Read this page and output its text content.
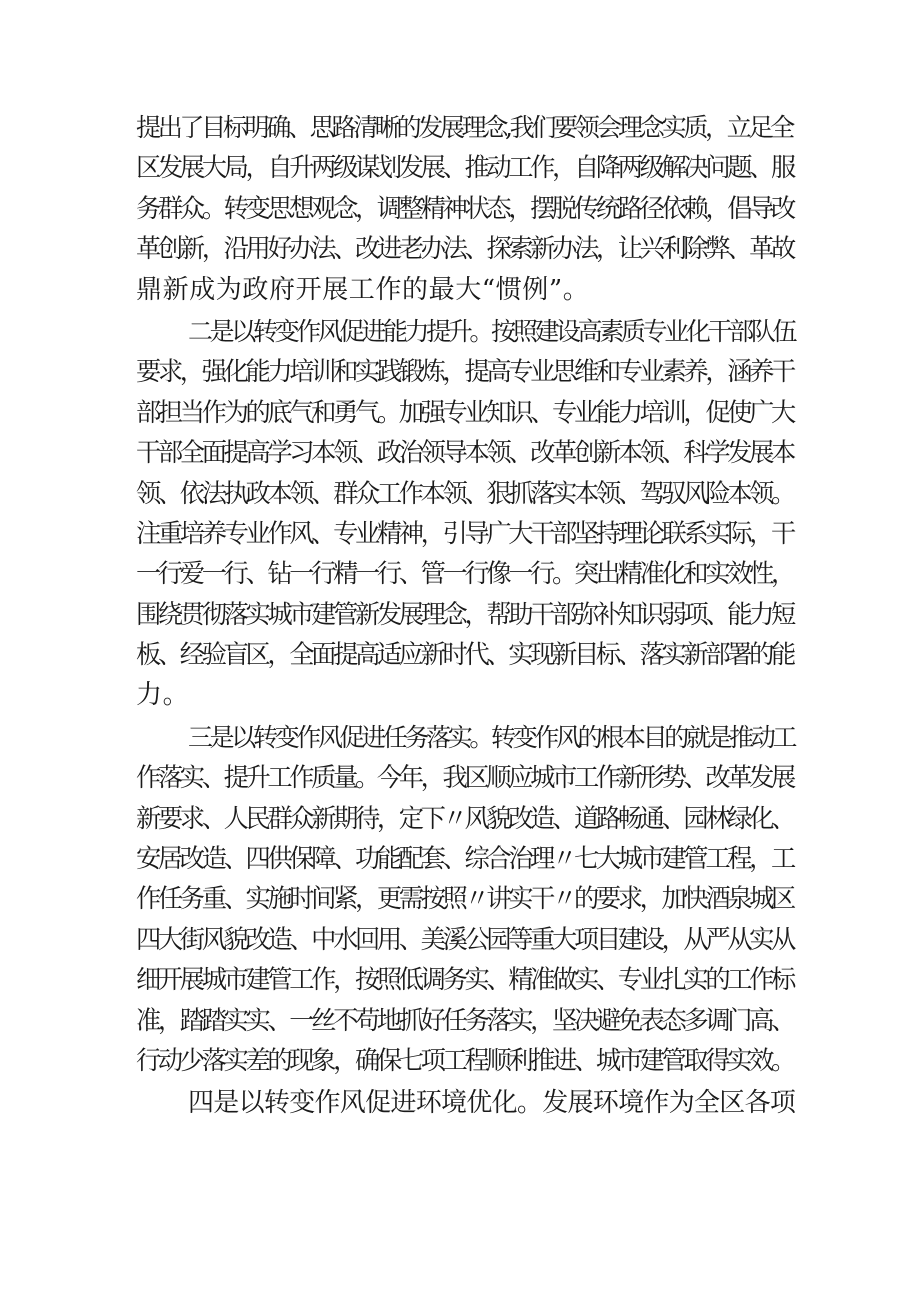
提出了目标明确、思路清晰的发展理念,我们要领会理念实质，立足全
区发展大局，自升两级谋划发展、推动工作，自降两级解决问题、服
务群众。转变思想观念，调整精神状态，摆脱传统路径依赖，倡导改
革创新，沿用好办法、改进老办法、探索新办法，让兴利除弊、革故
鼎新成为政府开展工作的最大“惯例”。
二是以转变作风促进能力提升。按照建设高素质专业化干部队伍
要求，强化能力培训和实践锻炼，提高专业思维和专业素养，涵养干
部担当作为的底气和勇气。加强专业知识、专业能力培训，促使广大
干部全面提高学习本领、政治领导本领、改革创新本领、科学发展本
领、依法执政本领、群众工作本领、狠抓落实本领、驾驭风险本领。
注重培养专业作风、专业精神，引导广大干部坚持理论联系实际，干
一行爱一行、钻一行精一行、管一行像一行。突出精准化和实效性，
围绕贯彻落实城市建管新发展理念，帮助干部弥补知识弱项、能力短
板、经验盲区，全面提高适应新时代、实现新目标、落实新部署的能
力。
三是以转变作风促进任务落实。转变作风的根本目的就是推动工
作落实、提升工作质量。今年，我区顺应城市工作新形势、改革发展
新要求、人民群众新期待，定下〃风貌改造、道路畅通、园林绿化、
安居改造、四供保障、功能配套、综合治理〃七大城市建管工程，工
作任务重、实施时间紧，更需按照〃讲实干〃的要求，加快酒泉城区
四大街风貌改造、中水回用、美溪公园等重大项目建设，从严从实从
细开展城市建管工作，按照低调务实、精准做实、专业扎实的工作标
准，踏踏实实、一丝不苟地抓好任务落实，坚决避免表态多调门高、
行动少落实差的现象，确保七项工程顺利推进、城市建管取得实效。
四是以转变作风促进环境优化。发展环境作为全区各项
